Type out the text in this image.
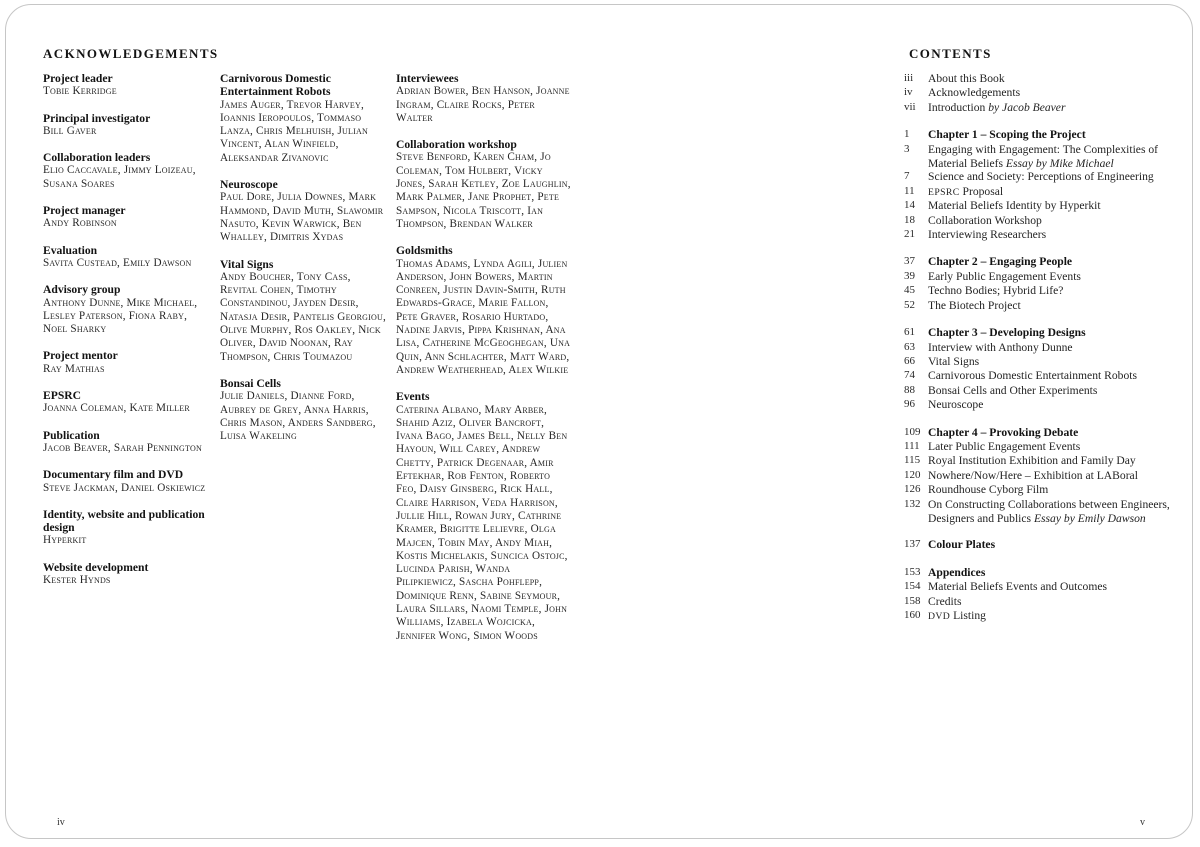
ACKNOWLEDGEMENTS
Project leader
Tobie Kerridge
Principal investigator
Bill Gaver
Collaboration leaders
Elio Caccavale, Jimmy Loizeau, Susana Soares
Project manager
Andy Robinson
Evaluation
Savita Custead, Emily Dawson
Advisory group
Anthony Dunne, Mike Michael, Lesley Paterson, Fiona Raby, Noel Sharky
Project mentor
Ray Mathias
EPSRC
Joanna Coleman, Kate Miller
Publication
Jacob Beaver, Sarah Pennington
Documentary film and DVD
Steve Jackman, Daniel Oskiewicz
Identity, website and publication design
Hyperkit
Website development
Kester Hynds
Carnivorous Domestic Entertainment Robots
James Auger, Trevor Harvey, Ioannis Ieropoulos, Tommaso Lanza, Chris Melhuish, Julian Vincent, Alan Winfield, Aleksandar Zivanovic
Neuroscope
Paul Dore, Julia Downes, Mark Hammond, David Muth, Slawomir Nasuto, Kevin Warwick, Ben Whalley, Dimitris Xydas
Vital Signs
Andy Boucher, Tony Cass, Revital Cohen, Timothy Constandinou, Jayden Desir, Natasja Desir, Pantelis Georgiou, Olive Murphy, Ros Oakley, Nick Oliver, David Noonan, Ray Thompson, Chris Toumazou
Bonsai Cells
Julie Daniels, Dianne Ford, Aubrey de Grey, Anna Harris, Chris Mason, Anders Sandberg, Luisa Wakeling
Interviewees
Adrian Bower, Ben Hanson, Joanne Ingram, Claire Rocks, Peter Walter
Collaboration workshop
Steve Benford, Karen Cham, Jo Coleman, Tom Hulbert, Vicky Jones, Sarah Ketley, Zoe Laughlin, Mark Palmer, Jane Prophet, Pete Sampson, Nicola Triscott, Ian Thompson, Brendan Walker
Goldsmiths
Thomas Adams, Lynda Agili, Julien Anderson, John Bowers, Martin Conreen, Justin Davin-Smith, Ruth Edwards-Grace, Marie Fallon, Pete Graver, Rosario Hurtado, Nadine Jarvis, Pippa Krishnan, Ana Lisa, Catherine McGeoghegan, Una Quin, Ann Schlachter, Matt Ward, Andrew Weatherhead, Alex Wilkie
Events
Caterina Albano, Mary Arber, Shahid Aziz, Oliver Bancroft, Ivana Bago, James Bell, Nelly Ben Hayoun, Will Carey, Andrew Chetty, Patrick Degenaar, Amir Eftekhar, Rob Fenton, Roberto Feo, Daisy Ginsberg, Rick Hall, Claire Harrison, Veda Harrison, Jullie Hill, Rowan Jury, Cathrine Kramer, Brigitte Lelievre, Olga Majcen, Tobin May, Andy Miah, Kostis Michelakis, Suncica Ostojc, Lucinda Parish, Wanda Pilipkiewicz, Sascha Pohflepp, Dominique Renn, Sabine Seymour, Laura Sillars, Naomi Temple, John Williams, Izabela Wojcicka, Jennifer Wong, Simon Woods
CONTENTS
iii	About this Book
iv	Acknowledgements
vii	Introduction by Jacob Beaver
1	Chapter 1 – Scoping the Project
3	Engaging with Engagement: The Complexities of Material Beliefs Essay by Mike Michael
7	Science and Society: Perceptions of Engineering
11	EPSRC Proposal
14	Material Beliefs Identity by Hyperkit
18	Collaboration Workshop
21	Interviewing Researchers
37	Chapter 2 – Engaging People
39	Early Public Engagement Events
45	Techno Bodies; Hybrid Life?
52	The Biotech Project
61	Chapter 3 – Developing Designs
63	Interview with Anthony Dunne
66	Vital Signs
74	Carnivorous Domestic Entertainment Robots
88	Bonsai Cells and Other Experiments
96	Neuroscope
109 Chapter 4 – Provoking Debate
111 Later Public Engagement Events
115 Royal Institution Exhibition and Family Day
120 Nowhere/Now/Here – Exhibition at LABoral
126 Roundhouse Cyborg Film
132 On Constructing Collaborations between Engineers, Designers and Publics Essay by Emily Dawson
137 Colour Plates
153 Appendices
154 Material Beliefs Events and Outcomes
158 Credits
160 DVD Listing
iv	v
